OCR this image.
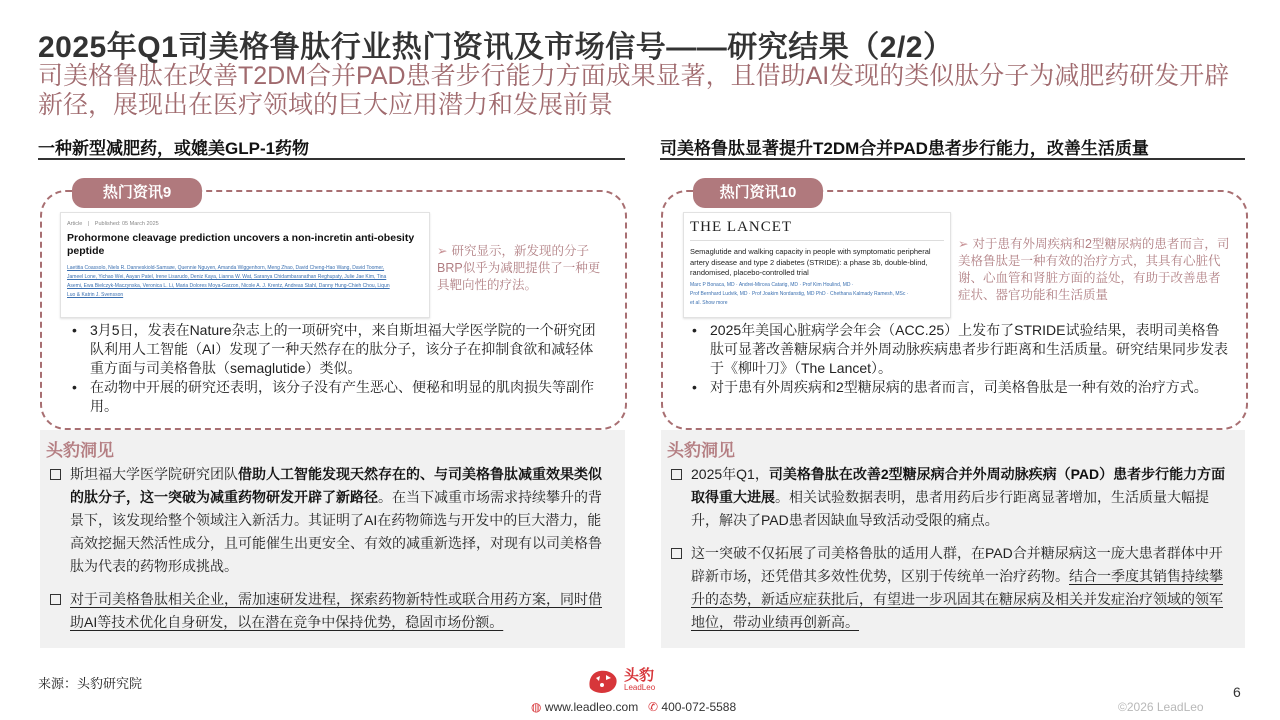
2025年Q1司美格鲁肽行业热门资讯及市场信号——研究结果（2/2）
司美格鲁肽在改善T2DM合并PAD患者步行能力方面成果显著，且借助AI发现的类似肽分子为减肥药研发开辟新径，展现出在医疗领域的巨大应用潜力和发展前景
一种新型减肥药，或媲美GLP-1药物	司美格鲁肽显著提升T2DM合并PAD患者步行能力，改善生活质量
热门资讯9
Article | Published: 05 March 2025
Prohormone cleavage prediction uncovers a non-incretin anti-obesity peptide
Laetitia Coassolo, Niels R. Danneskiold-Samsøe, Quennie Nguyen, Amanda Wiggenhorn, Meng Zhao, David Cheng-Hao Wang, David Toomer,
Jameel Lone, Yichao Wei, Aayan Patel, Irene Lisarudo, Deniz Kaya, Lianna W. Wat, Saranya Chidambaranathan Reghupaty, Julie Jae Kim, Tina
Asemi, Ewa Bielczyk-Maczynska, Veronica L. Li, Maria Dolores Moya-Garzon, Nicole A. J. Krentz, Andreas Stahl, Danny Hung-Chieh Chou, Liqun
Luo & Katrin J. Svensson
➢ 研究显示，新发现的分子BRP似乎为减肥提供了一种更具靶向性的疗法。
• 3月5日，发表在Nature杂志上的一项研究中，来自斯坦福大学医学院的一个研究团队利用人工智能（AI）发现了一种天然存在的肽分子，该分子在抑制食欲和减轻体重方面与司美格鲁肽（semaglutide）类似。
• 在动物中开展的研究还表明，该分子没有产生恶心、便秘和明显的肌肉损失等副作用。
头豹洞见
斯坦福大学医学院研究团队借助人工智能发现天然存在的、与司美格鲁肽减重效果类似的肽分子，这一突破为减重药物研发开辟了新路径。在当下减重市场需求持续攀升的背景下，该发现给整个领域注入新活力。其证明了AI在药物筛选与开发中的巨大潜力，能高效挖掘天然活性成分，且可能催生出更安全、有效的减重新选择，对现有以司美格鲁肽为代表的药物形成挑战。
对于司美格鲁肽相关企业，需加速研发进程，探索药物新特性或联合用药方案，同时借助AI等技术优化自身研发，以在潜在竞争中保持优势，稳固市场份额。
热门资讯10
THE LANCET
Semaglutide and walking capacity in people with symptomatic peripheral artery disease and type 2 diabetes (STRIDE): a phase 3b, double-blind, randomised, placebo-controlled trial
Marc P Bonaca, MD · Andrei-Mircea Catarig, MD · Prof Kim Houlind, MD ·
Prof Bernhard Ludvik, MD · Prof Joakim Nordanstig, MD PhD · Chethana Kalmady Ramesh, MSc ·
et al. Show more
➢ 对于患有外周疾病和2型糖尿病的患者而言，司美格鲁肽是一种有效的治疗方式，其具有心脏代谢、心血管和肾脏方面的益处，有助于改善患者症状、器官功能和生活质量
• 2025年美国心脏病学会年会（ACC.25）上发布了STRIDE试验结果，表明司美格鲁肽可显著改善糖尿病合并外周动脉疾病患者步行距离和生活质量。研究结果同步发表于《柳叶刀》（The Lancet）。
• 对于患有外周疾病和2型糖尿病的患者而言，司美格鲁肽是一种有效的治疗方式。
头豹洞见
2025年Q1，司美格鲁肽在改善2型糖尿病合并外周动脉疾病（PAD）患者步行能力方面取得重大进展。相关试验数据表明，患者用药后步行距离显著增加，生活质量大幅提升，解决了PAD患者因缺血导致活动受限的痛点。
这一突破不仅拓展了司美格鲁肽的适用人群，在PAD合并糖尿病这一庞大患者群体中开辟新市场，还凭借其多效性优势，区别于传统单一治疗药物。结合一季度其销售持续攀升的态势，新适应症获批后，有望进一步巩固其在糖尿病及相关并发症治疗领域的领军地位，带动业绩再创新高。
来源：头豹研究院	头豹
LeadLeo
◍ www.leadleo.com ✆ 400-072-5588
6
©2026 LeadLeo
